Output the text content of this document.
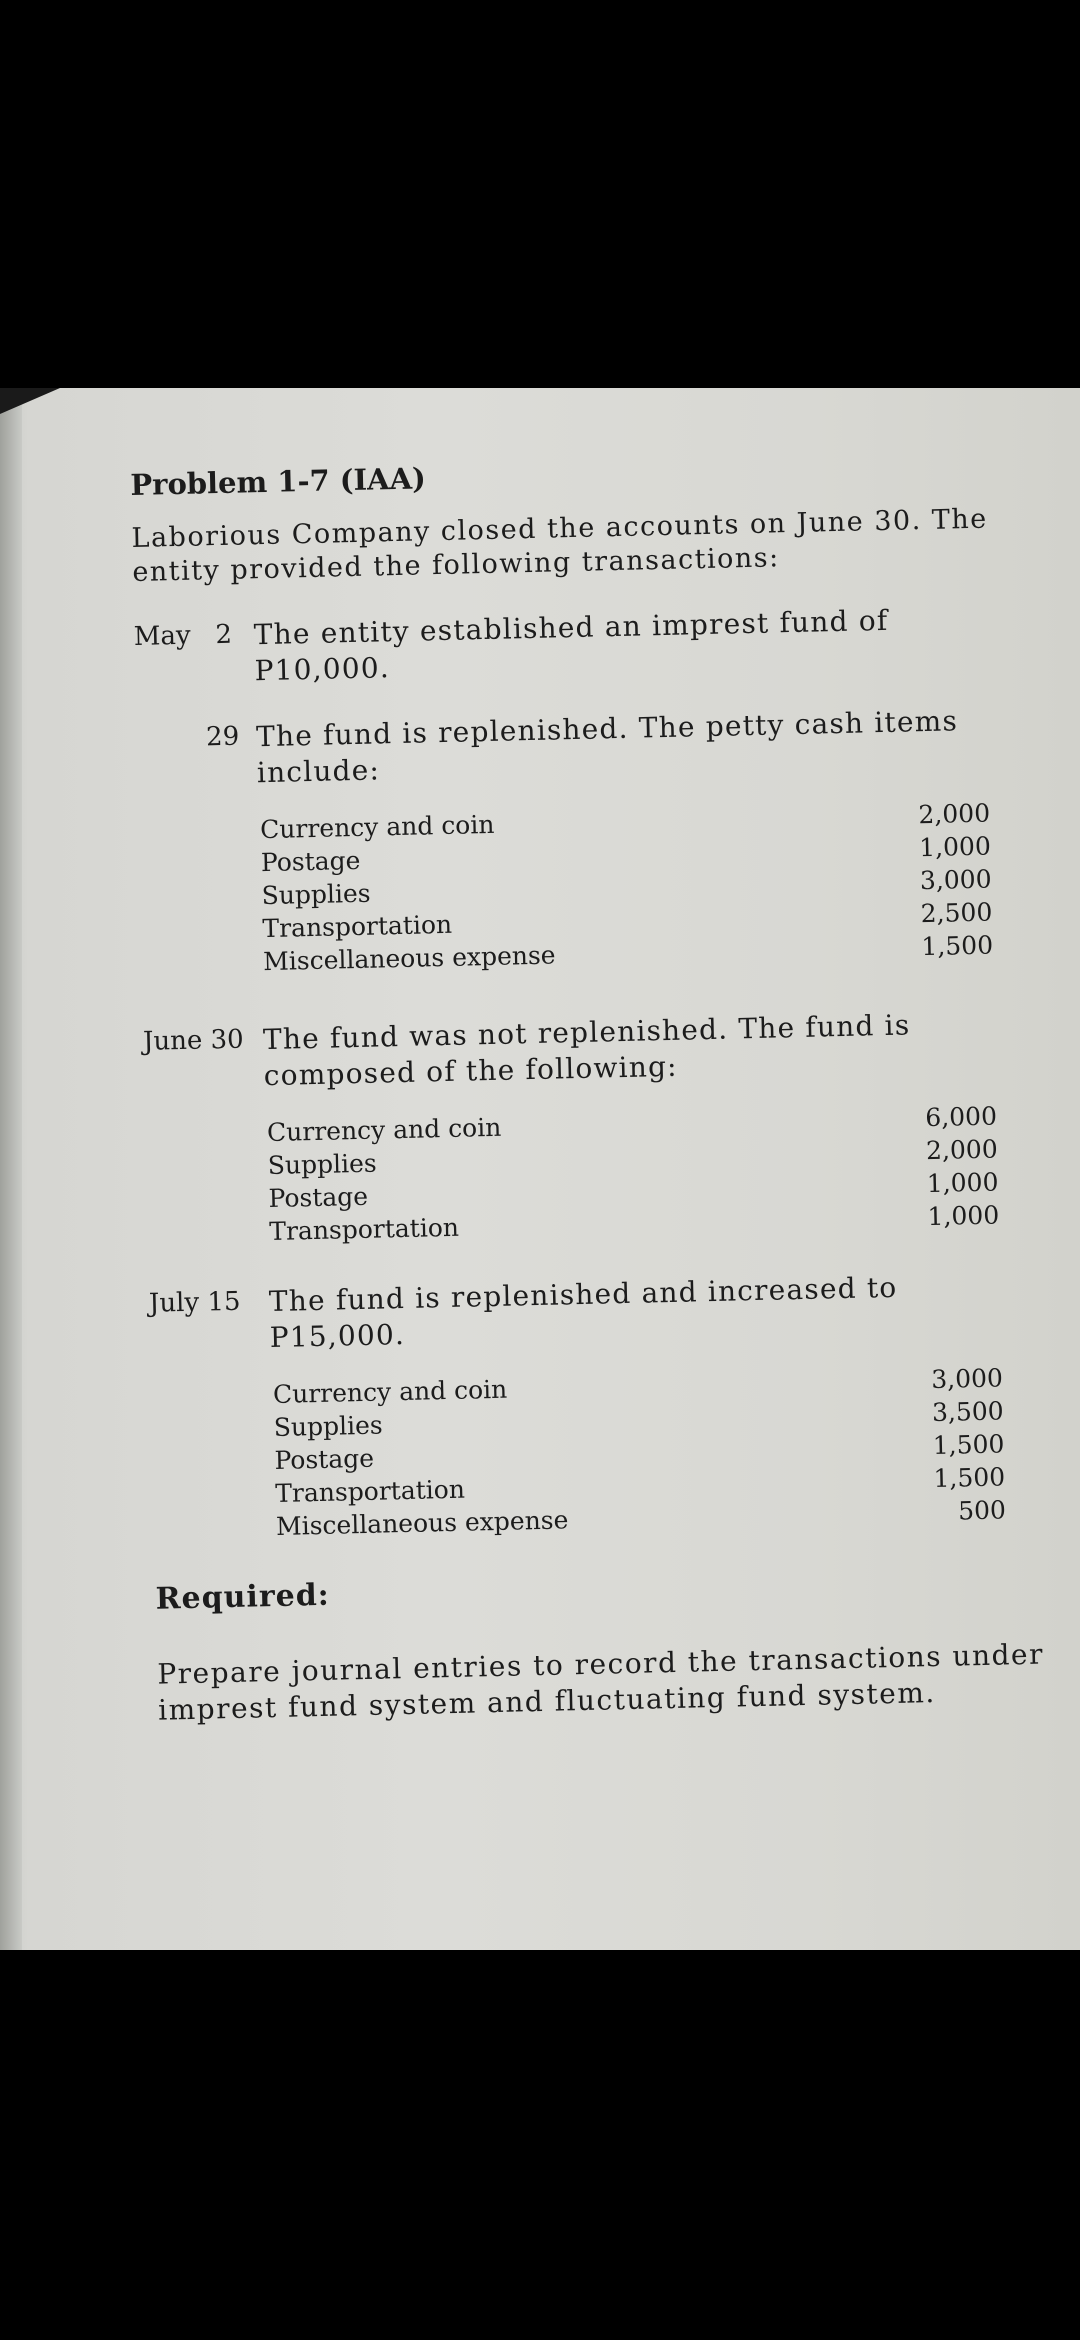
Problem 1-7 (IAA)

Laborious Company closed the accounts on June 30. The entity provided the following transactions:

May   2 The entity established an imprest fund of P10,000.
29 The fund is replenished. The petty cash items include:
Currency and coin	2,000
Postage	1,000
Supplies	3,000
Transportation	2,500
Miscellaneous expense	1,500
June 30 The fund was not replenished. The fund is composed of the following:
Currency and coin	6,000
Supplies	2,000
Postage	1,000
Transportation	1,000
July 15 The fund is replenished and increased to P15,000.
Currency and coin	3,000
Supplies	3,500
Postage	1,500
Transportation	1,500
Miscellaneous expense	500
Required:
Prepare journal entries to record the transactions under imprest fund system and fluctuating fund system.
